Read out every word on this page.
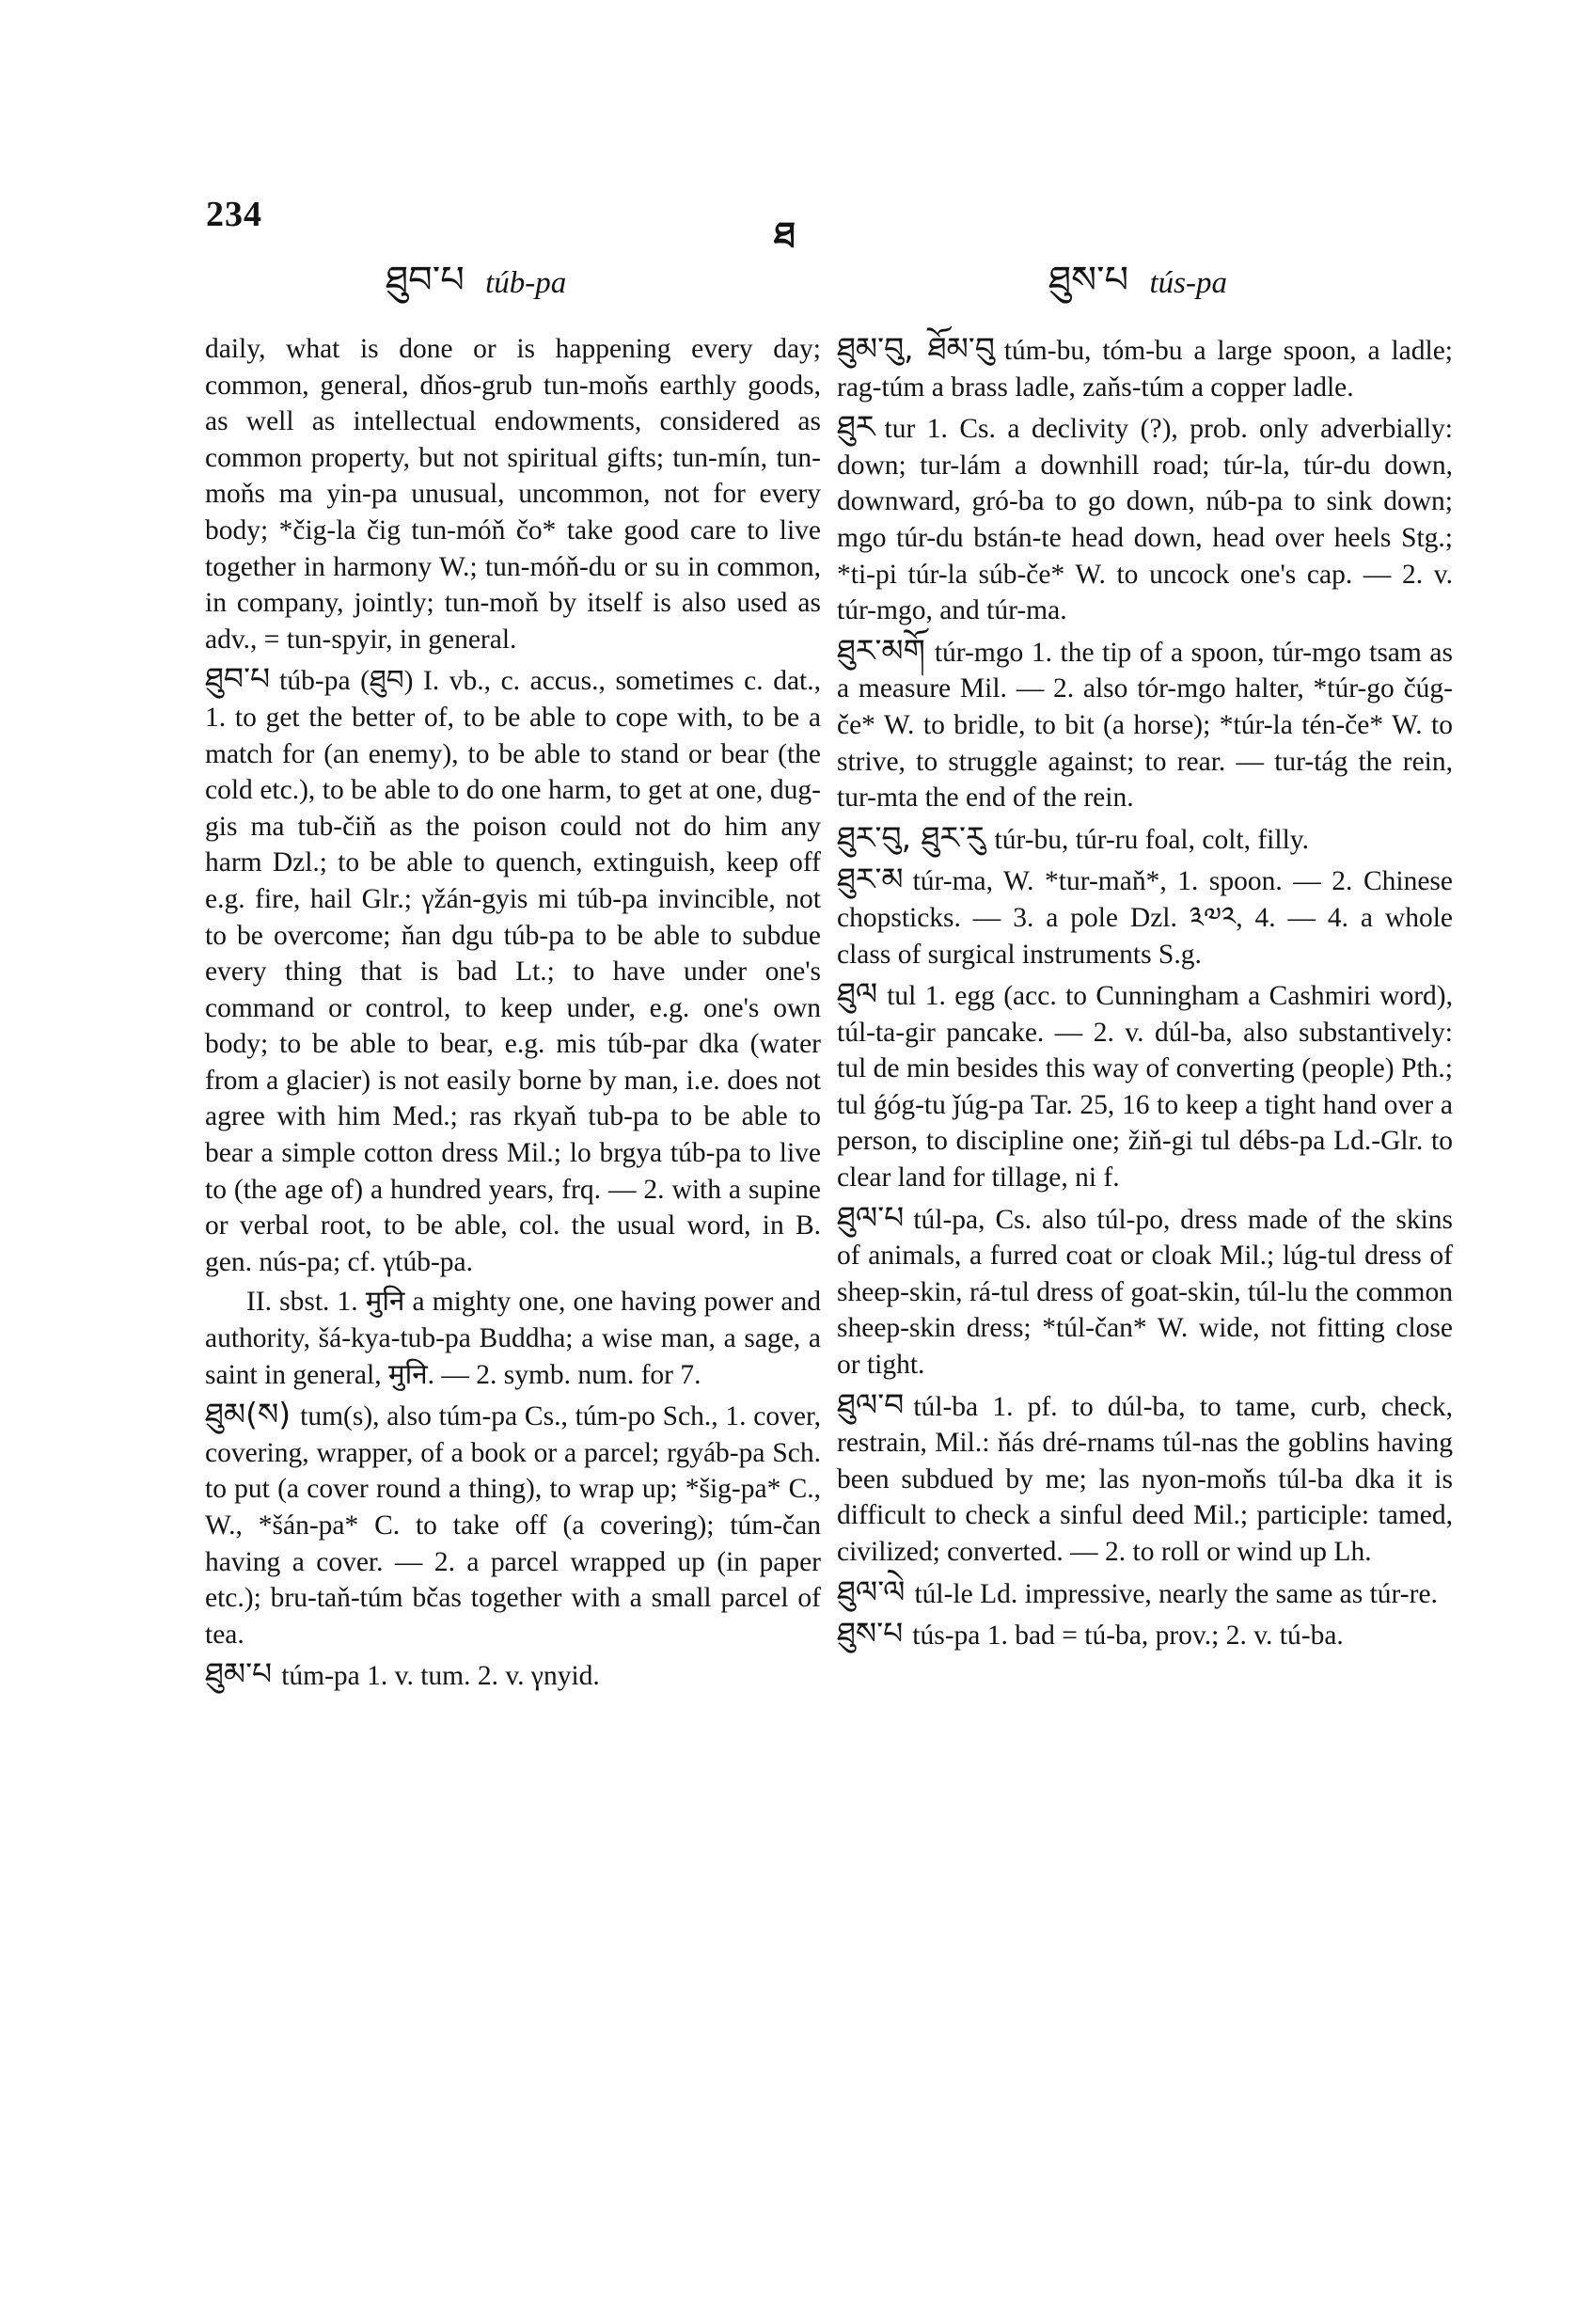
234
ཐ
ཐུབ་པ túb-pa	ཐུས་པ tús-pa

daily, what is done or is happening every day; common, general, dňos-grub tun-moňs earthly goods, as well as intellectual endowments, considered as common property, but not spiritual gifts; tun-mín, tun-moňs ma yin-pa unusual, uncommon, not for every body; *čig-la čig tun-móň čo* take good care to live together in harmony W.; tun-móň-du or su in common, in company, jointly; tun-moň by itself is also used as adv., = tun-spyir, in general.

ཐུབ་པ túb-pa (ཐུབ) I. vb., c. accus., sometimes c. dat., 1. to get the better of, to be able to cope with, to be a match for (an enemy), to be able to stand or bear (the cold etc.), to be able to do one harm, to get at one, dug-gis ma tub-čiň as the poison could not do him any harm Dzl.; to be able to quench, extinguish, keep off e.g. fire, hail Glr.; γžán-gyis mi túb-pa invincible, not to be overcome; ňan dgu túb-pa to be able to subdue every thing that is bad Lt.; to have under one's command or control, to keep under, e.g. one's own body; to be able to bear, e.g. mis túb-par dka (water from a glacier) is not easily borne by man, i.e. does not agree with him Med.; ras rkyaň tub-pa to be able to bear a simple cotton dress Mil.; lo brgya túb-pa to live to (the age of) a hundred years, frq. — 2. with a supine or verbal root, to be able, col. the usual word, in B. gen. nús-pa; cf. γtúb-pa.

II. sbst. 1. मुनि a mighty one, one having power and authority, šá-kya-tub-pa Buddha; a wise man, a sage, a saint in general, मुनि. — 2. symb. num. for 7.

ཐུམ(ས) tum(s), also túm-pa Cs., túm-po Sch., 1. cover, covering, wrapper, of a book or a parcel; rgyáb-pa Sch. to put (a cover round a thing), to wrap up; *šig-pa* C., W., *šán-pa* C. to take off (a covering); túm-čan having a cover. — 2. a parcel wrapped up (in paper etc.); bru-taň-túm bčas together with a small parcel of tea.

ཐུམ་པ túm-pa 1. v. tum. 2. v. γnyid.

ཐུམ་བུ, ཐོམ་བུ túm-bu, tóm-bu a large spoon, a ladle; rag-túm a brass ladle, zaňs-túm a copper ladle.

ཐུར tur 1. Cs. a declivity (?), prob. only adverbially: down; tur-lám a downhill road; túr-la, túr-du down, downward, gró-ba to go down, núb-pa to sink down; mgo túr-du bstán-te head down, head over heels Stg.; *ti-pi túr-la súb-če* W. to uncock one's cap. — 2. v. túr-mgo, and túr-ma.

ཐུར་མགོ túr-mgo 1. the tip of a spoon, túr-mgo tsam as a measure Mil. — 2. also tór-mgo halter, *túr-go čúg-če* W. to bridle, to bit (a horse); *túr-la tén-če* W. to strive, to struggle against; to rear. — tur-tág the rein, tur-mta the end of the rein.

ཐུར་བུ, ཐུར་རུ túr-bu, túr-ru foal, colt, filly.

ཐུར་མ túr-ma, W. *tur-maň*, 1. spoon. — 2. Chinese chopsticks. — 3. a pole Dzl. ༣༧༢, 4. — 4. a whole class of surgical instruments S.g.

ཐུལ tul 1. egg (acc. to Cunningham a Cashmiri word), túl-ta-gir pancake. — 2. v. dúl-ba, also substantively: tul de min besides this way of converting (people) Pth.; tul ǵóg-tu ǰúg-pa Tar. 25, 16 to keep a tight hand over a person, to discipline one; žiň-gi tul débs-pa Ld.-Glr. to clear land for tillage, ni f.

ཐུལ་པ túl-pa, Cs. also túl-po, dress made of the skins of animals, a furred coat or cloak Mil.; lúg-tul dress of sheep-skin, rá-tul dress of goat-skin, túl-lu the common sheep-skin dress; *túl-čan* W. wide, not fitting close or tight.

ཐུལ་བ túl-ba 1. pf. to dúl-ba, to tame, curb, check, restrain, Mil.: ňás dré-rnams túl-nas the goblins having been subdued by me; las nyon-moňs túl-ba dka it is difficult to check a sinful deed Mil.; participle: tamed, civilized; converted. — 2. to roll or wind up Lh.

ཐུལ་ལེ túl-le Ld. impressive, nearly the same as túr-re.

ཐུས་པ tús-pa 1. bad = tú-ba, prov.; 2. v. tú-ba.
